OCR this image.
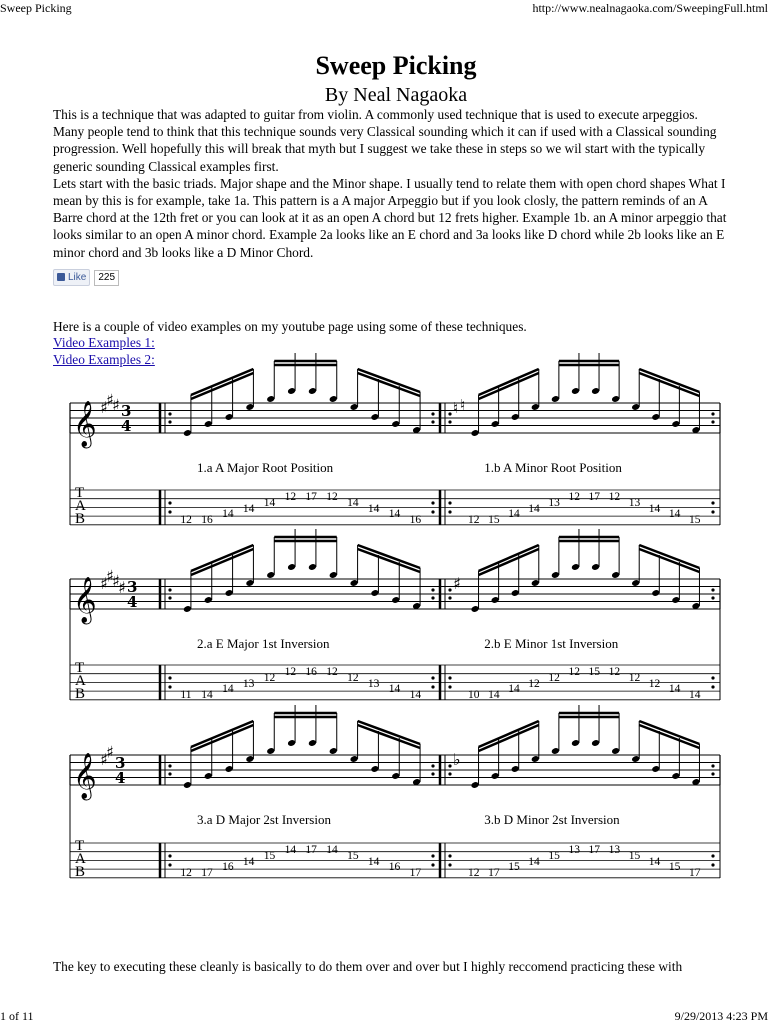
Sweep Picking	http://www.nealnagaoka.com/SweepingFull.html
Sweep Picking
By Neal Nagaoka

This is a technique that was adapted to guitar from violin. A commonly used technique that is used to execute arpeggios. Many people tend to think that this technique sounds very Classical sounding which it can if used with a Classical sounding progression. Well hopefully this will break that myth but I suggest we take these in steps so we wil start with the typically generic sounding Classical examples first.

Lets start with the basic triads. Major shape and the Minor shape. I usually tend to relate them with open chord shapes What I mean by this is for example, take 1a. This pattern is a A major Arpeggio but if you look closly, the pattern reminds of an A Barre chord at the 12th fret or you can look at it as an open A chord but 12 frets higher. Example 1b. an A minor arpeggio that looks similar to an open A minor chord. Example 2a looks like an E chord and 3a looks like D chord while 2b looks like an E minor chord and 3b looks like a D Minor Chord.

Like	225
Here is a couple of video examples on my youtube page using some of these techniques.
Video Examples 1:
Video Examples 2:
𝄞 ♯
♯
♯ 3
4
♮ ♮
𝄞 ♯
♯
♯
♯ 3
4
♯
𝄞 ♯
♯
3
4
♭
T
A
B
1.a A Major Root Position
12 16 14 14 14 12 17 12 14 14 14 16
1.b A Minor Root Position
12 15 14 14 13 12 17 12 13 14 14 15
T
A
B
2.a E Major 1st Inversion
11 14 14 13 12 12 16 12 12 13 14 14
2.b E Minor 1st Inversion
10 14 14 12 12 12 15 12 12 12 14 14
T
A
B
3.a D Major 2st Inversion
12 17 16 14 15 14 17 14 15 14 16 17
3.b D Minor 2st Inversion
12 17 15 14 15 13 17 13 15 14 15 17
The key to executing these cleanly is basically to do them over and over but I highly reccomend practicing these with
1 of 11	9/29/2013 4:23 PM
